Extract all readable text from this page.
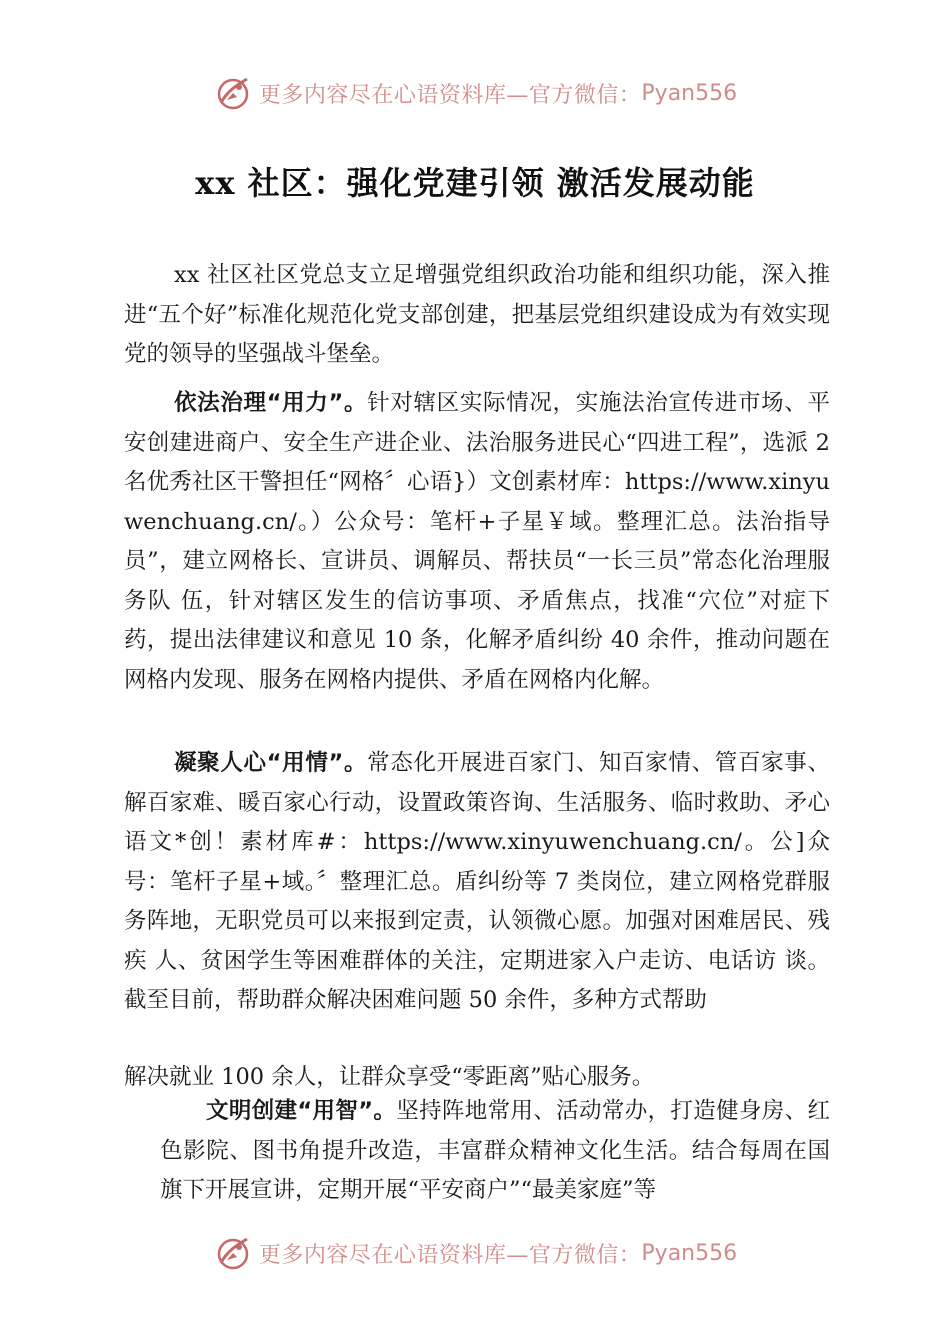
更多内容尽在心语资料库—官方微信： Pyan556
xx 社区：强化党建引领 激活发展动能

xx 社区社区党总支立足增强党组织政治功能和组织功能，深入推进“五个好”标准化规范化党支部创建，把基层党组织建设成为有效实现党的领导的坚强战斗堡垒。

依法治理“用力”。针对辖区实际情况，实施法治宣传进市场、平安创建进商户、安全生产进企业、法治服务进民心“四进工程”，选派 2 名优秀社区干警担任“网格〞心语}）文创素材库：https://www.xinyuwenchuang.cn/。）公众号：笔杆+子星￥域。整理汇总。法治指导员”，建立网格长、宣讲员、调解员、帮扶员“一长三员”常态化治理服务队 伍，针对辖区发生的信访事项、矛盾焦点，找准“穴位”对症下 药，提出法律建议和意见 10 条，化解矛盾纠纷 40 余件，推动问题在网格内发现、服务在网格内提供、矛盾在网格内化解。

凝聚人心“用情”。常态化开展进百家门、知百家情、管百家事、解百家难、暖百家心行动，设置政策咨询、生活服务、临时救助、矛心语文*创！素材库#：https://www.xinyuwenchuang.cn/。公]众号：笔杆子星+域。〞整理汇总。盾纠纷等 7 类岗位，建立网格党群服务阵地，无职党员可以来报到定责，认领微心愿。加强对困难居民、残疾 人、贫困学生等困难群体的关注，定期进家入户走访、电话访 谈。截至目前，帮助群众解决困难问题 50 余件，多种方式帮助

解决就业 100 余人，让群众享受“零距离”贴心服务。

文明创建“用智”。坚持阵地常用、活动常办，打造健身房、红色影院、图书角提升改造，丰富群众精神文化生活。结合每周在国旗下开展宣讲，定期开展“平安商户”“最美家庭”等

更多内容尽在心语资料库—官方微信： Pyan556
